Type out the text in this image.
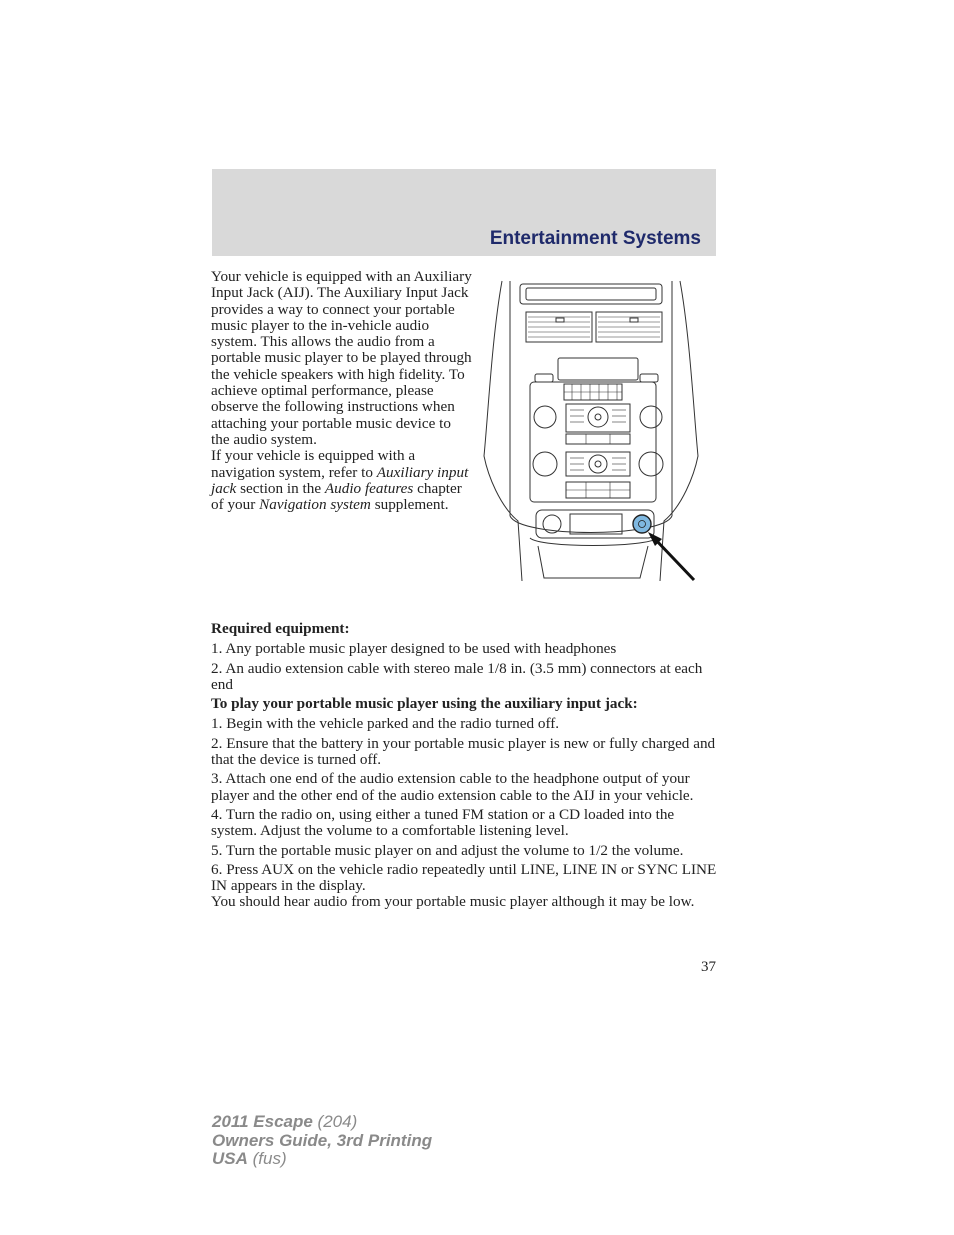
Entertainment Systems

Your vehicle is equipped with an Auxiliary Input Jack (AIJ). The Auxiliary Input Jack provides a way to connect your portable music player to the in-vehicle audio system. This allows the audio from a portable music player to be played through the vehicle speakers with high fidelity. To achieve optimal performance, please observe the following instructions when attaching your portable music device to the audio system.

If your vehicle is equipped with a navigation system, refer to Auxiliary input jack section in the Audio features chapter of your Navigation system supplement.

Required equipment:

1. Any portable music player designed to be used with headphones

2. An audio extension cable with stereo male 1/8 in. (3.5 mm) connectors at each end

To play your portable music player using the auxiliary input jack:

1. Begin with the vehicle parked and the radio turned off.

2. Ensure that the battery in your portable music player is new or fully charged and that the device is turned off.

3. Attach one end of the audio extension cable to the headphone output of your player and the other end of the audio extension cable to the AIJ in your vehicle.

4. Turn the radio on, using either a tuned FM station or a CD loaded into the system. Adjust the volume to a comfortable listening level.

5. Turn the portable music player on and adjust the volume to 1/2 the volume.

6. Press AUX on the vehicle radio repeatedly until LINE, LINE IN or SYNC LINE IN appears in the display.

You should hear audio from your portable music player although it may be low.

37
2011 Escape (204)
Owners Guide, 3rd Printing
USA (fus)
